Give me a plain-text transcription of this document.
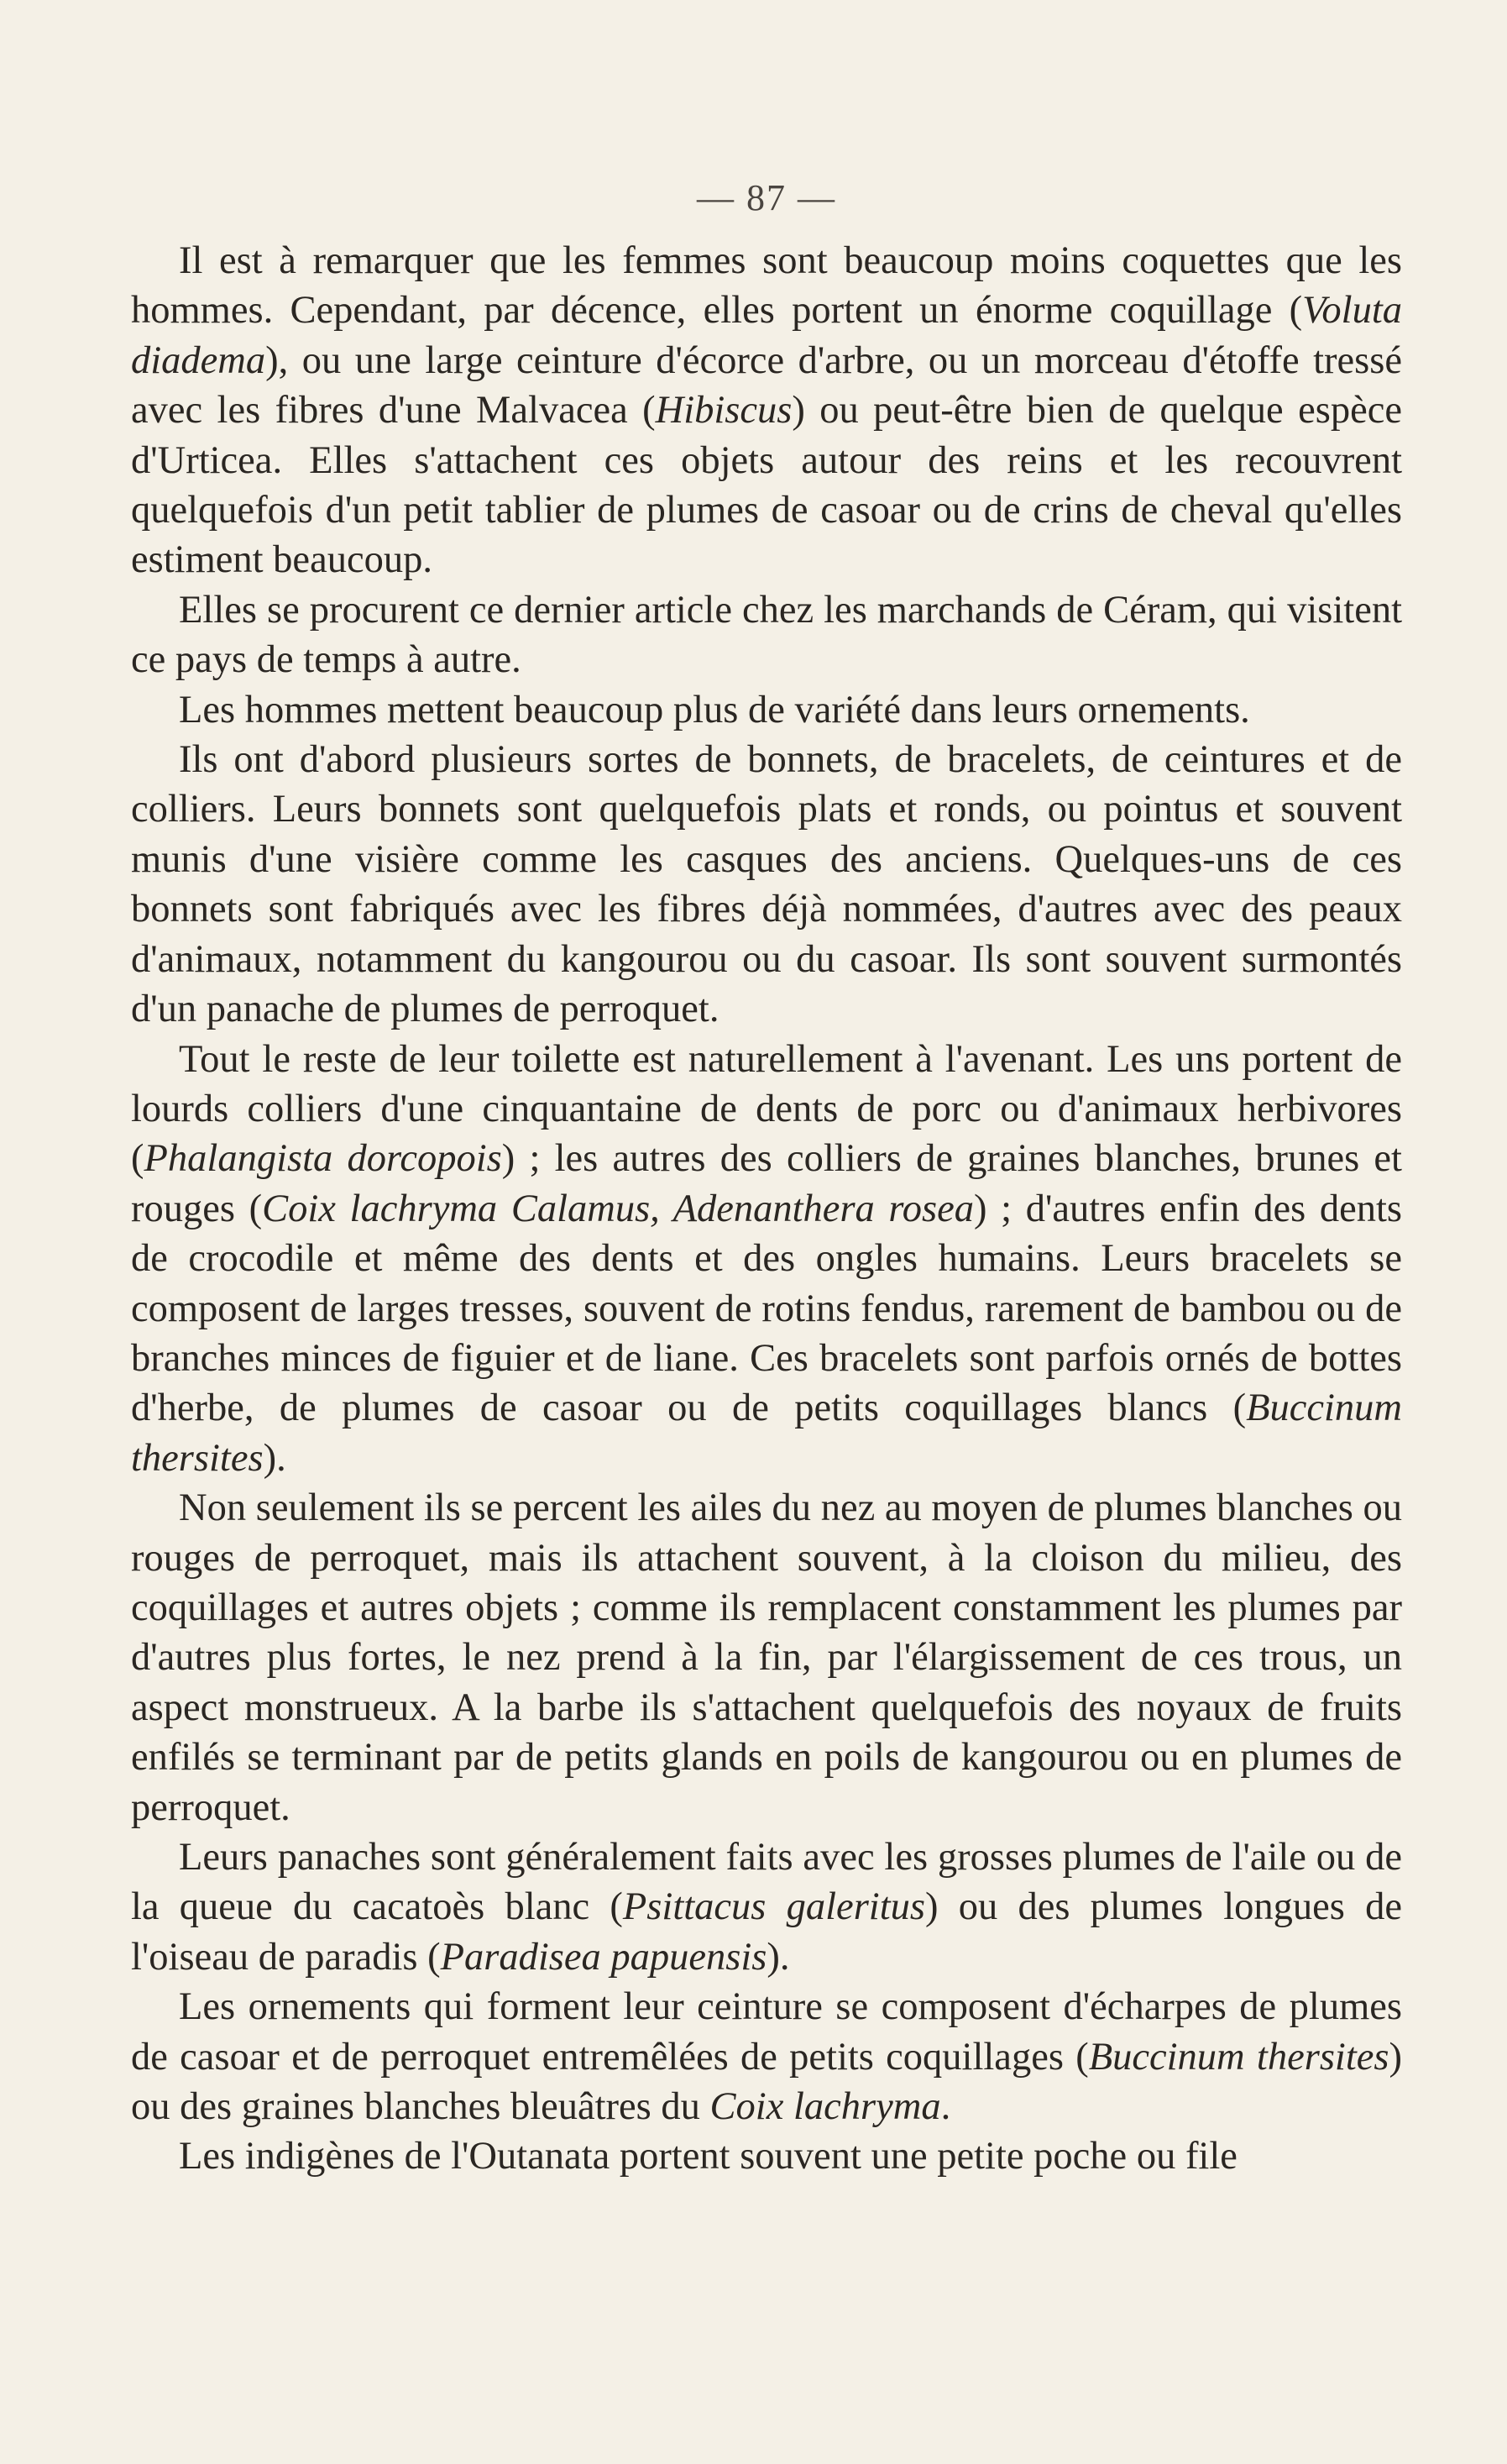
— 87 —

Il est à remarquer que les femmes sont beaucoup moins coquettes que les hommes. Cependant, par décence, elles portent un énorme coquillage (Voluta diadema), ou une large ceinture d'écorce d'arbre, ou un morceau d'étoffe tressé avec les fibres d'une Malvacea (Hibiscus) ou peut-être bien de quelque espèce d'Urticea. Elles s'attachent ces objets autour des reins et les recouvrent quelquefois d'un petit tablier de plumes de casoar ou de crins de cheval qu'elles estiment beaucoup.

Elles se procurent ce dernier article chez les marchands de Céram, qui visitent ce pays de temps à autre.

Les hommes mettent beaucoup plus de variété dans leurs ornements.

Ils ont d'abord plusieurs sortes de bonnets, de bracelets, de ceintures et de colliers. Leurs bonnets sont quelquefois plats et ronds, ou pointus et souvent munis d'une visière comme les casques des anciens. Quelques-uns de ces bonnets sont fabriqués avec les fibres déjà nommées, d'autres avec des peaux d'animaux, notamment du kangourou ou du casoar. Ils sont souvent surmontés d'un panache de plumes de perroquet.

Tout le reste de leur toilette est naturellement à l'avenant. Les uns portent de lourds colliers d'une cinquantaine de dents de porc ou d'animaux herbivores (Phalangista dorcopois) ; les autres des colliers de graines blanches, brunes et rouges (Coix lachryma Calamus, Adenanthera rosea) ; d'autres enfin des dents de crocodile et même des dents et des ongles humains. Leurs bracelets se composent de larges tresses, souvent de rotins fendus, rarement de bambou ou de branches minces de figuier et de liane. Ces bracelets sont parfois ornés de bottes d'herbe, de plumes de casoar ou de petits coquillages blancs (Buccinum thersites).

Non seulement ils se percent les ailes du nez au moyen de plumes blanches ou rouges de perroquet, mais ils attachent souvent, à la cloison du milieu, des coquillages et autres objets ; comme ils remplacent constamment les plumes par d'autres plus fortes, le nez prend à la fin, par l'élargissement de ces trous, un aspect monstrueux. A la barbe ils s'attachent quelquefois des noyaux de fruits enfilés se terminant par de petits glands en poils de kangourou ou en plumes de perroquet.

Leurs panaches sont généralement faits avec les grosses plumes de l'aile ou de la queue du cacatoès blanc (Psittacus galeritus) ou des plumes longues de l'oiseau de paradis (Paradisea papuensis).

Les ornements qui forment leur ceinture se composent d'écharpes de plumes de casoar et de perroquet entremêlées de petits coquillages (Buccinum thersites) ou des graines blanches bleuâtres du Coix lachryma.

Les indigènes de l'Outanata portent souvent une petite poche ou file
